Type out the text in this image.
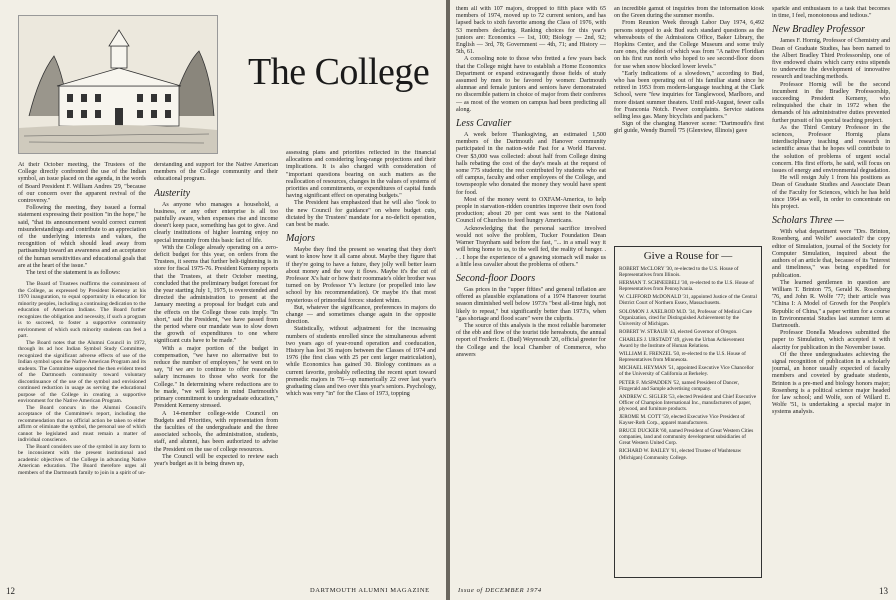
The College

At their October meeting, the Trustees of the College directly confronted the use of the Indian symbol, an issue placed on the agenda, in the words of Board President F. William Andres '29, "because of our concern over the apparent revival of the controversy."

Following the meeting, they issued a formal statement expressing their position "in the hope," he said, "that its announcement would correct current misunderstandings and contribute to an appreciation of the underlying interests and values, the recognition of which should lead away from partisanship toward an awareness and an acceptance of the human sensitivities and educational goals that are at the heart of the issue."

The text of the statement is as follows:

The Board of Trustees reaffirms the commitment of the College, as expressed by President Kemeny at his 1970 inauguration, to equal opportunity in education for minority peoples, including a continuing dedication to the education of American Indians. The Board further recognizes the obligation and necessity, if such a program is to succeed, to foster a supportive community environment of which such minority students can feel a part.

The Board notes that the Alumni Council in 1972, through its ad hoc Indian Symbol Study Committee, recognized the significant adverse effects of use of the Indian symbol upon the Native American Program and its students. The Committee supported the then evident trend of the Dartmouth community toward voluntary discontinuance of the use of the symbol and envisioned continued reduction in usage as serving the educational purpose of the College in creating a supportive environment for the Native American Program.

The Board concurs in the Alumni Council's acceptance of the Committee's report, including the recommendation that no official action be taken to either affirm or eliminate the symbol, the personal use of which cannot be legislated and must remain a matter of individual conscience.

The Board considers use of the symbol in any form to be inconsistent with the present institutional and academic objectives of the College in advancing Native American education. The Board therefore urges all members of the Dartmouth family to join in a spirit of un-

derstanding and support for the Native American members of the College community and their educational program.

Austerity

As anyone who manages a household, a business, or any other enterprise is all too painfully aware, when expenses rise and income doesn't keep pace, something has got to give. And clearly institutions of higher learning enjoy no special immunity from this basic fact of life.

With the College already operating on a zero-deficit budget for this year, on orders from the Trustees, it seems that further belt-tightening is in store for fiscal 1975-76. President Kemeny reports that the Trustees, at their October meeting, concluded that the preliminary budget forecast for the year starting July 1, 1975, is overextended and directed the administration to present at the January meeting a proposal for budget cuts and the effects on the College those cuts imply. "In short," said the President, "we have passed from the period where our mandate was to slow down the growth of expenditures to one where significant cuts have to be made."

With a major portion of the budget in compensation, "we have no alternative but to reduce the number of employees," he went on to say, "if we are to continue to offer reasonable salary increases to those who work for the College." In determining where reductions are to be made, "we will keep in mind Dartmouth's primary commitment to undergraduate education," President Kemeny stressed.

A 14-member college-wide Council on Budgets and Priorities, with representation from the faculties of the undergraduate and the three associated schools, the administration, students, staff, and alumni, has been authorized to advise the President on the use of college resources.

The Council will be expected to review each year's budget as it is being drawn up,

assessing plans and priorities reflected in the financial allocations and considering long-range projections and their implications. It is also charged with consideration of "important questions bearing on such matters as the reallocation of resources, changes in the values of systems of priorities and commitments, or expenditures of capital funds having significant effect on operating budgets."

The President has emphasized that he will also "look to the new Council for guidance" on where budget cuts, dictated by the Trustees' mandate for a no-deficit operation, can best be made.

Majors

Maybe they find the present so wearing that they don't want to know how it all came about. Maybe they figure that if they're going to have a future, they jolly well better learn about money and the way it flows. Maybe it's the cut of Professor X's hair or how their roommate's older brother was turned on by Professor Y's lecture (or propelled into law school by his recommendation). Or maybe it's that most mysterious of primordial forces: student whim.

But, whatever the significance, preferences in majors do change — and sometimes change again in the opposite direction.

Statistically, without adjustment for the increasing numbers of students enrolled since the simultaneous advent two years ago of year-round operation and coeducation, History has lost 36 majors between the Classes of 1974 and 1976 (the first class with 25 per cent larger matriculation), while Economics has gained 30. Biology continues as a current favorite, probably reflecting the recent spurt toward premedic majors in '76—up numerically 22 over last year's graduating class and two over this year's seniors. Psychology, which was very "in" for the Class of 1973, topping

12	DARTMOUTH ALUMNI MAGAZINE

them all with 107 majors, dropped to fifth place with 65 members of 1974, moved up to 72 current seniors, and has lapsed back to sixth favorite among the Class of 1976, with 53 members declaring. Ranking choices for this year's juniors are: Economics — 1st, 100; Biology — 2nd, 92; English — 3rd, 78; Government — 4th, 71; and History — 5th, 61.

A consoling note to those who fretted a few years back that the College might have to establish a Home Economics Department or expand extravagantly those fields of study assumed by men to be favored by women: Dartmouth alumnae and female juniors and seniors have demonstrated no discernible pattern in choice of major from their confreres — as most of the women on campus had been predicting all along.

Less Cavalier

A week before Thanksgiving, an estimated 1,500 members of the Dartmouth and Hanover community participated in the nation-wide Fast for a World Harvest. Over $3,000 was collected: about half from College dining halls rebating the cost of the day's meals at the request of some 775 students; the rest contributed by students who eat off campus, faculty and other employees of the College, and townspeople who donated the money they would have spent for food.

Most of the money went to OXFAM-America, to help people in starvation-ridden countries improve their own food production; about 20 per cent was sent to the National Council of Churches to feed hungry Americans.

Acknowledging that the personal sacrifice involved would not solve the problem, Tucker Foundation Dean Warner Traynham said before the fast, "... in a small way it will bring home to us, to the well fed, the reality of hunger. . . . I hope the experience of a gnawing stomach will make us a little less cavalier about the problems of others."

Second-floor Doors

Gas prices in the "upper fifties" and general inflation are offered as plausible explanations of a 1974 Hanover tourist season diminished well below 1973's "best all-time high, not likely to repeat," but significantly better than 1973's, when "gas shortage and flood scare" were the culprits.

The source of this analysis is the most reliable barometer of the ebb and flow of the tourist tide hereabouts, the annual report of Frederic E. (Bud) Weymouth '20, official greeter for the College and the local Chamber of Commerce, who answers

an incredible gamut of inquiries from the information kiosk on the Green during the summer months.

From Reunion Week through Labor Day 1974, 6,492 persons stopped to ask Bud such standard questions as the whereabouts of the Admissions Office, Baker Library, the Hopkins Center, and the College Museum and some truly rare ones, the oddest of which was from "A native Floridian on his first run north who hoped to see second-floor doors for use when snow blocked lower levels."

"Early indications of a slowdown," according to Bud, who has been operating out of his familiar stand since he retired in 1953 from modern-language teaching at the Clark School, were "few inquiries for Tanglewood, Marlboro, and more distant summer theaters. Until mid-August, fewer calls for Franconia Notch. Fewer complaints. Service stations selling less gas. Many bicyclists and packers."

Sign of the changing Hanover scene: "Dartmouth's first girl guide, Wendy Burrell '75 (Glenview, Illinois) gave

Give a Rouse for —

ROBERT McCLORY '30, re-elected to the U.S. House of Representatives from Illinois.

HERMAN T. SCHNEEBELI '30, re-elected to the U.S. House of Representatives from Pennsylvania.

W. CLIFFORD McDONALD '31, appointed Justice of the Central District Court of Northern Essex, Massachusetts.

SOLOMON J. AXELROD M.D. '34, Professor of Medical Care Organization, cited for Distinguished Achievement by the University of Michigan.

ROBERT W. STRAUB '43, elected Governor of Oregon.

CHARLES J. URSTADT '49, given the Urban Achievement Award by the Institute of Human Relations.

WILLIAM E. FRENZEL '50, re-elected to the U.S. House of Representatives from Minnesota.

MICHAEL HEYMAN '51, appointed Executive Vice Chancellor of the University of California at Berkeley.

PETER F. McSPADDEN '52, named President of Dancer, Fitzgerald and Sample advertising company.

ANDREW C. SIGLER '53, elected President and Chief Executive Officer of Champion International Inc., manufacturers of paper, plywood, and furniture products.

JEROME M. COTT '59, elected Executive Vice President of Kayser-Roth Corp., apparel manufacturers.

BRUCE DUCKER '60, named President of Great Western Cities companies, land and community development subsidiaries of Great Western United Corp.

RICHARD W. BAILEY '61, elected Trustee of Washtenaw (Michigan) Community College.

sparkle and enthusiasm to a task that becomes in time, I feel, monotonous and tedious."

New Bradley Professor

James F. Hornig, Professor of Chemistry and Dean of Graduate Studies, has been named to the Albert Bradley Third Professorship, one of five endowed chairs which carry extra stipends to underwrite the development of innovative research and teaching methods.

Professor Hornig will be the second incumbent in the Bradley Professorship, succeeding President Kemeny, who relinquished the chair in 1972 when the demands of his administrative duties prevented further pursuit of his special teaching project.

As the Third Century Professor in the sciences, Professor Hornig plans interdisciplinary teaching and research in scientific areas that he hopes will contribute to the solution of problems of urgent social concern. His first efforts, he said, will focus on issues of energy and environmental degradation.

He will resign July 1 from his positions as Dean of Graduate Studies and Associate Dean of the Faculty for Sciences, which he has held since 1964 as well, in order to concentrate on his project.

Scholars Three —

With what department were "Drs. Brinton, Rosenberg, and Wolfe" associated? the copy editor of Simulation, journal of the Society for Computer Simulation, inquired about the authors of an article that, because of its "interest and timeliness," was being expedited for publication.

The learned gentlemen in question are William T. Brinton '75, Gerald K. Rosenberg '76, and John R. Wolfe '77; their article was "China I: A Model of Growth for the People's Republic of China," a paper written for a course in Environmental Studies last summer term at Dartmouth.

Professor Donella Meadows submitted the paper to Simulation, which accepted it with alacrity for publication in the November issue.

Of the three undergraduates achieving the signal recognition of publication in a scholarly journal, an honor usually expected of faculty members and coveted by graduate students, Brinton is a pre-med and biology honors major; Rosenberg is a political science major headed for law school; and Wolfe, son of Willard E. Wolfe '51, is undertaking a special major in systems analysis.

Issue of DECEMBER 1974	13
